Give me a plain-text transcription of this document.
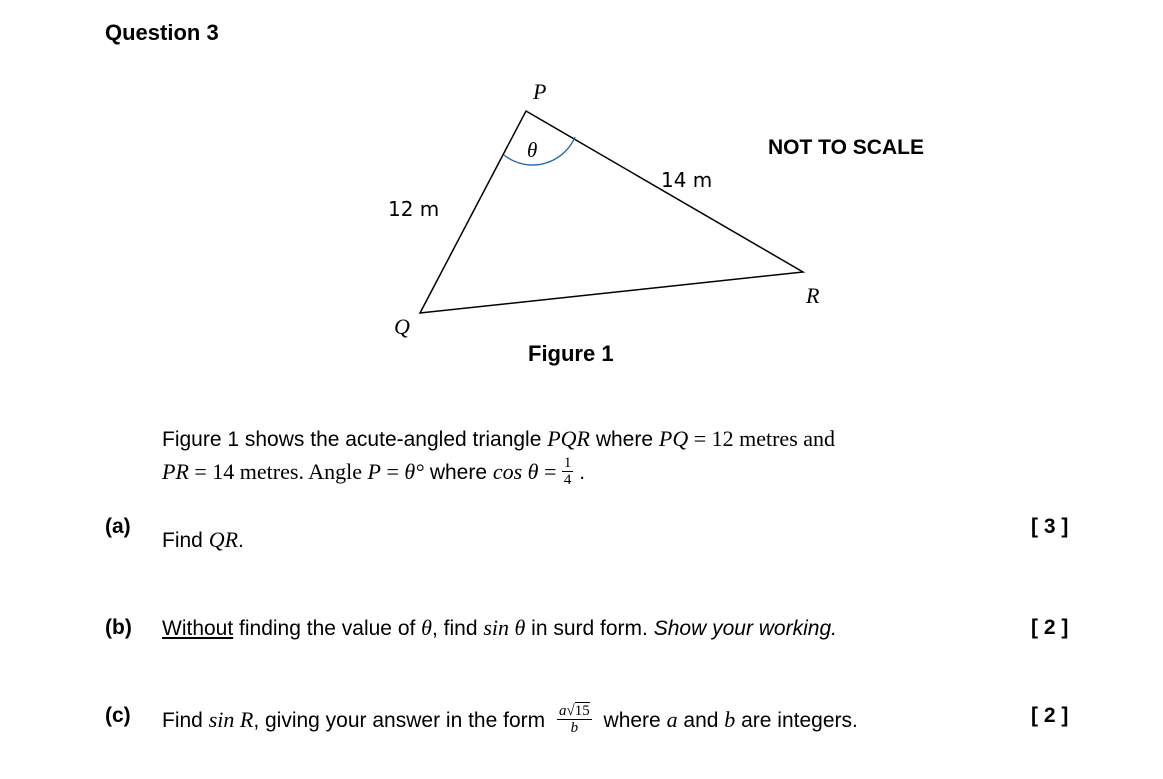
Question 3
θ
P
Q
R
12 m
14 m
NOT TO SCALE
Figure 1
Figure 1 shows the acute-angled triangle PQR where PQ = 12 metres and
PR = 14 metres. Angle P = θ° where $\cos \theta = \frac{1}{4}$ .
(a)
Find QR.
[ 3 ]
(b) Without finding the value of θ, find sin θ in surd form. Show your working.	[ 2 ]
(c) Find sin R, giving your answer in the form $\frac{a√15}{b}$ where a and b are integers.	[ 2 ]
